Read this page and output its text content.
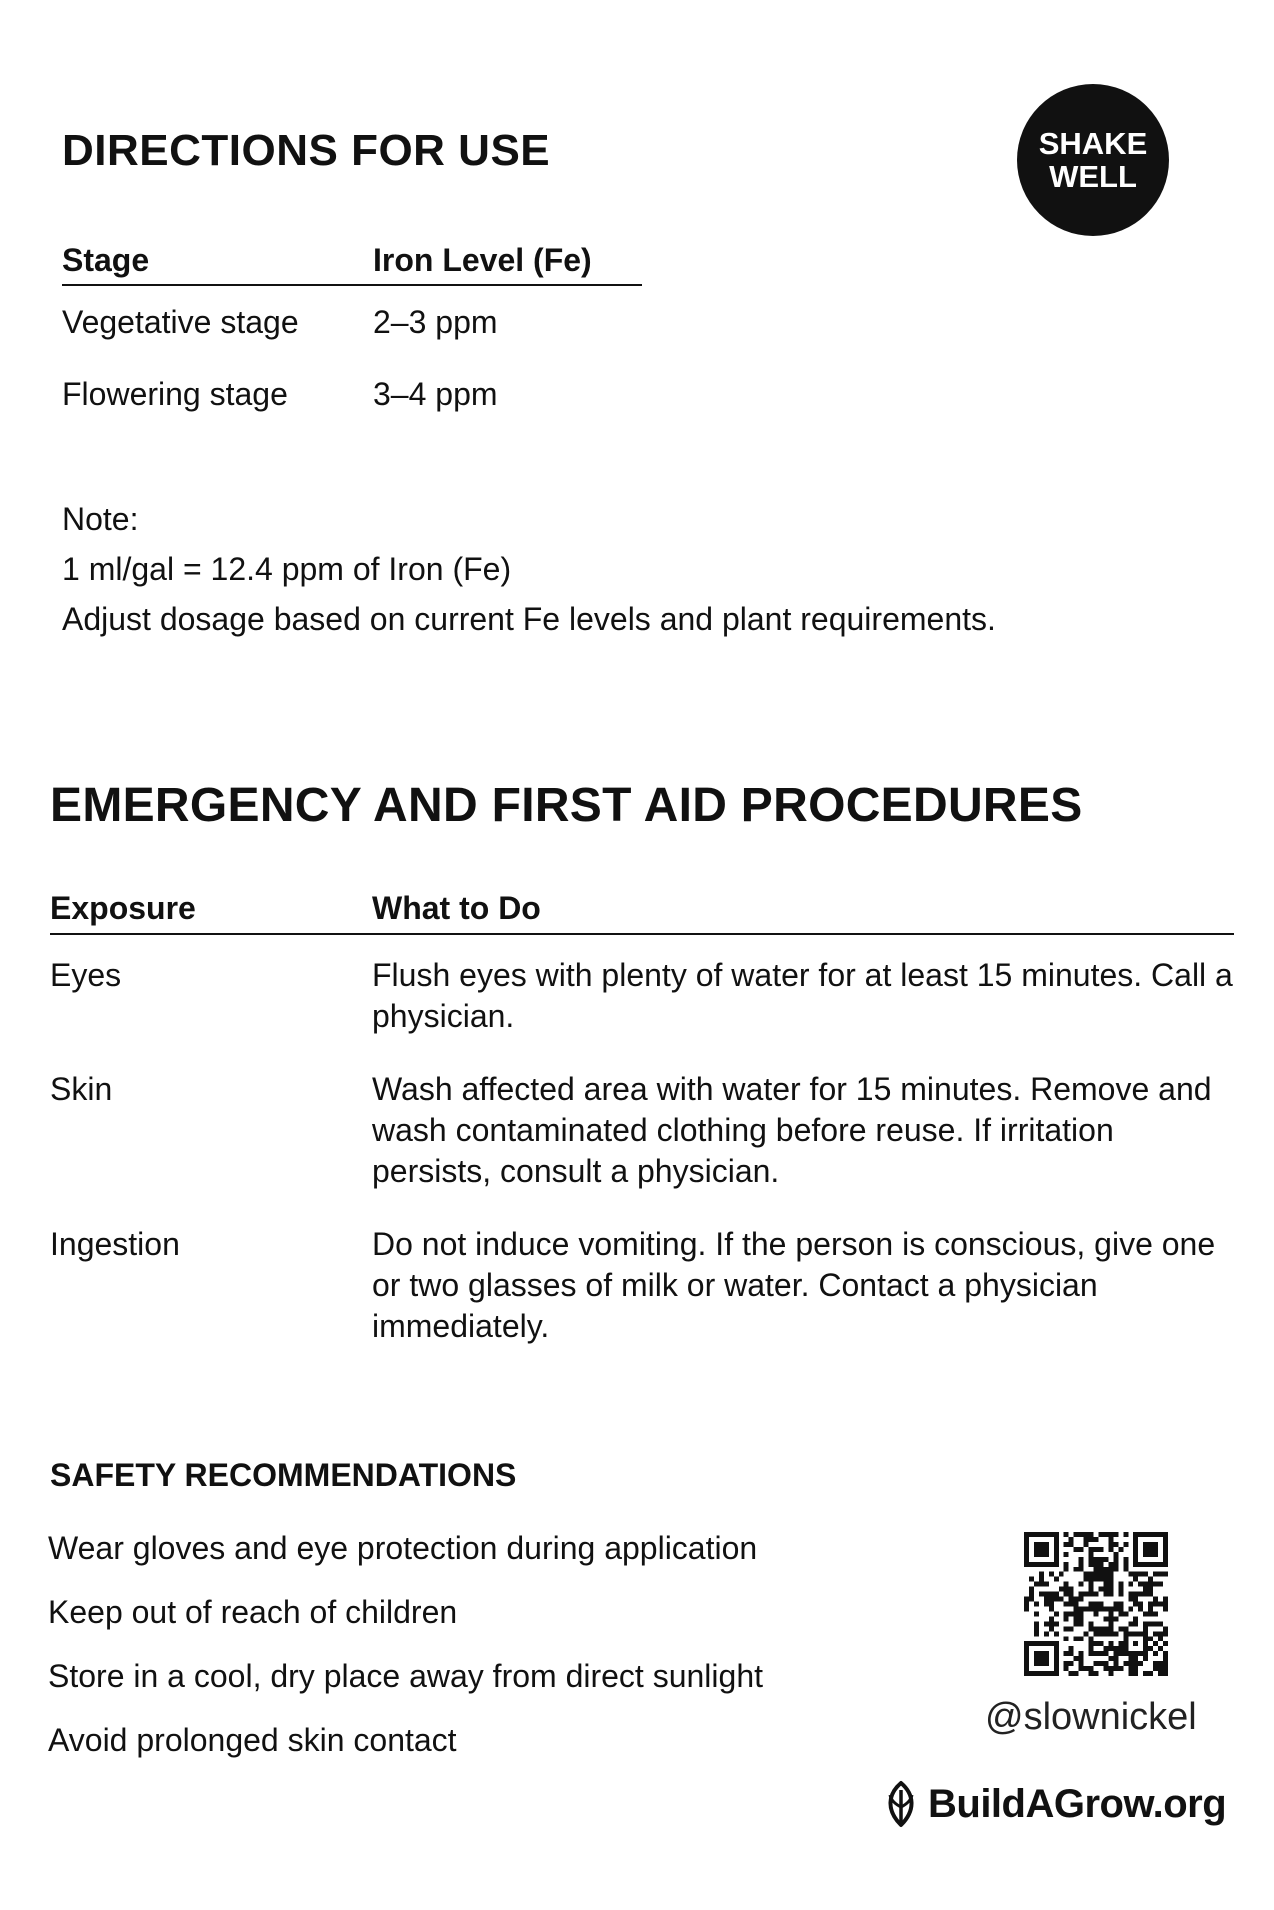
DIRECTIONS FOR USE	SHAKE
WELL
Stage	Iron Level (Fe)
Vegetative stage	2–3 ppm
Flowering stage	3–4 ppm
Note:
1 ml/gal = 12.4 ppm of Iron (Fe)
Adjust dosage based on current Fe levels and plant requirements.
EMERGENCY AND FIRST AID PROCEDURES
Exposure	What to Do
Eyes	Flush eyes with plenty of water for at least 15 minutes. Call a physician.
Skin	Wash affected area with water for 15 minutes. Remove and wash contaminated clothing before reuse. If irritation persists, consult a physician.
Ingestion	Do not induce vomiting. If the person is conscious, give one or two glasses of milk or water. Contact a physician immediately.
SAFETY RECOMMENDATIONS
Wear gloves and eye protection during application
Keep out of reach of children
Store in a cool, dry place away from direct sunlight
Avoid prolonged skin contact
@slownickel
BuildAGrow.org
